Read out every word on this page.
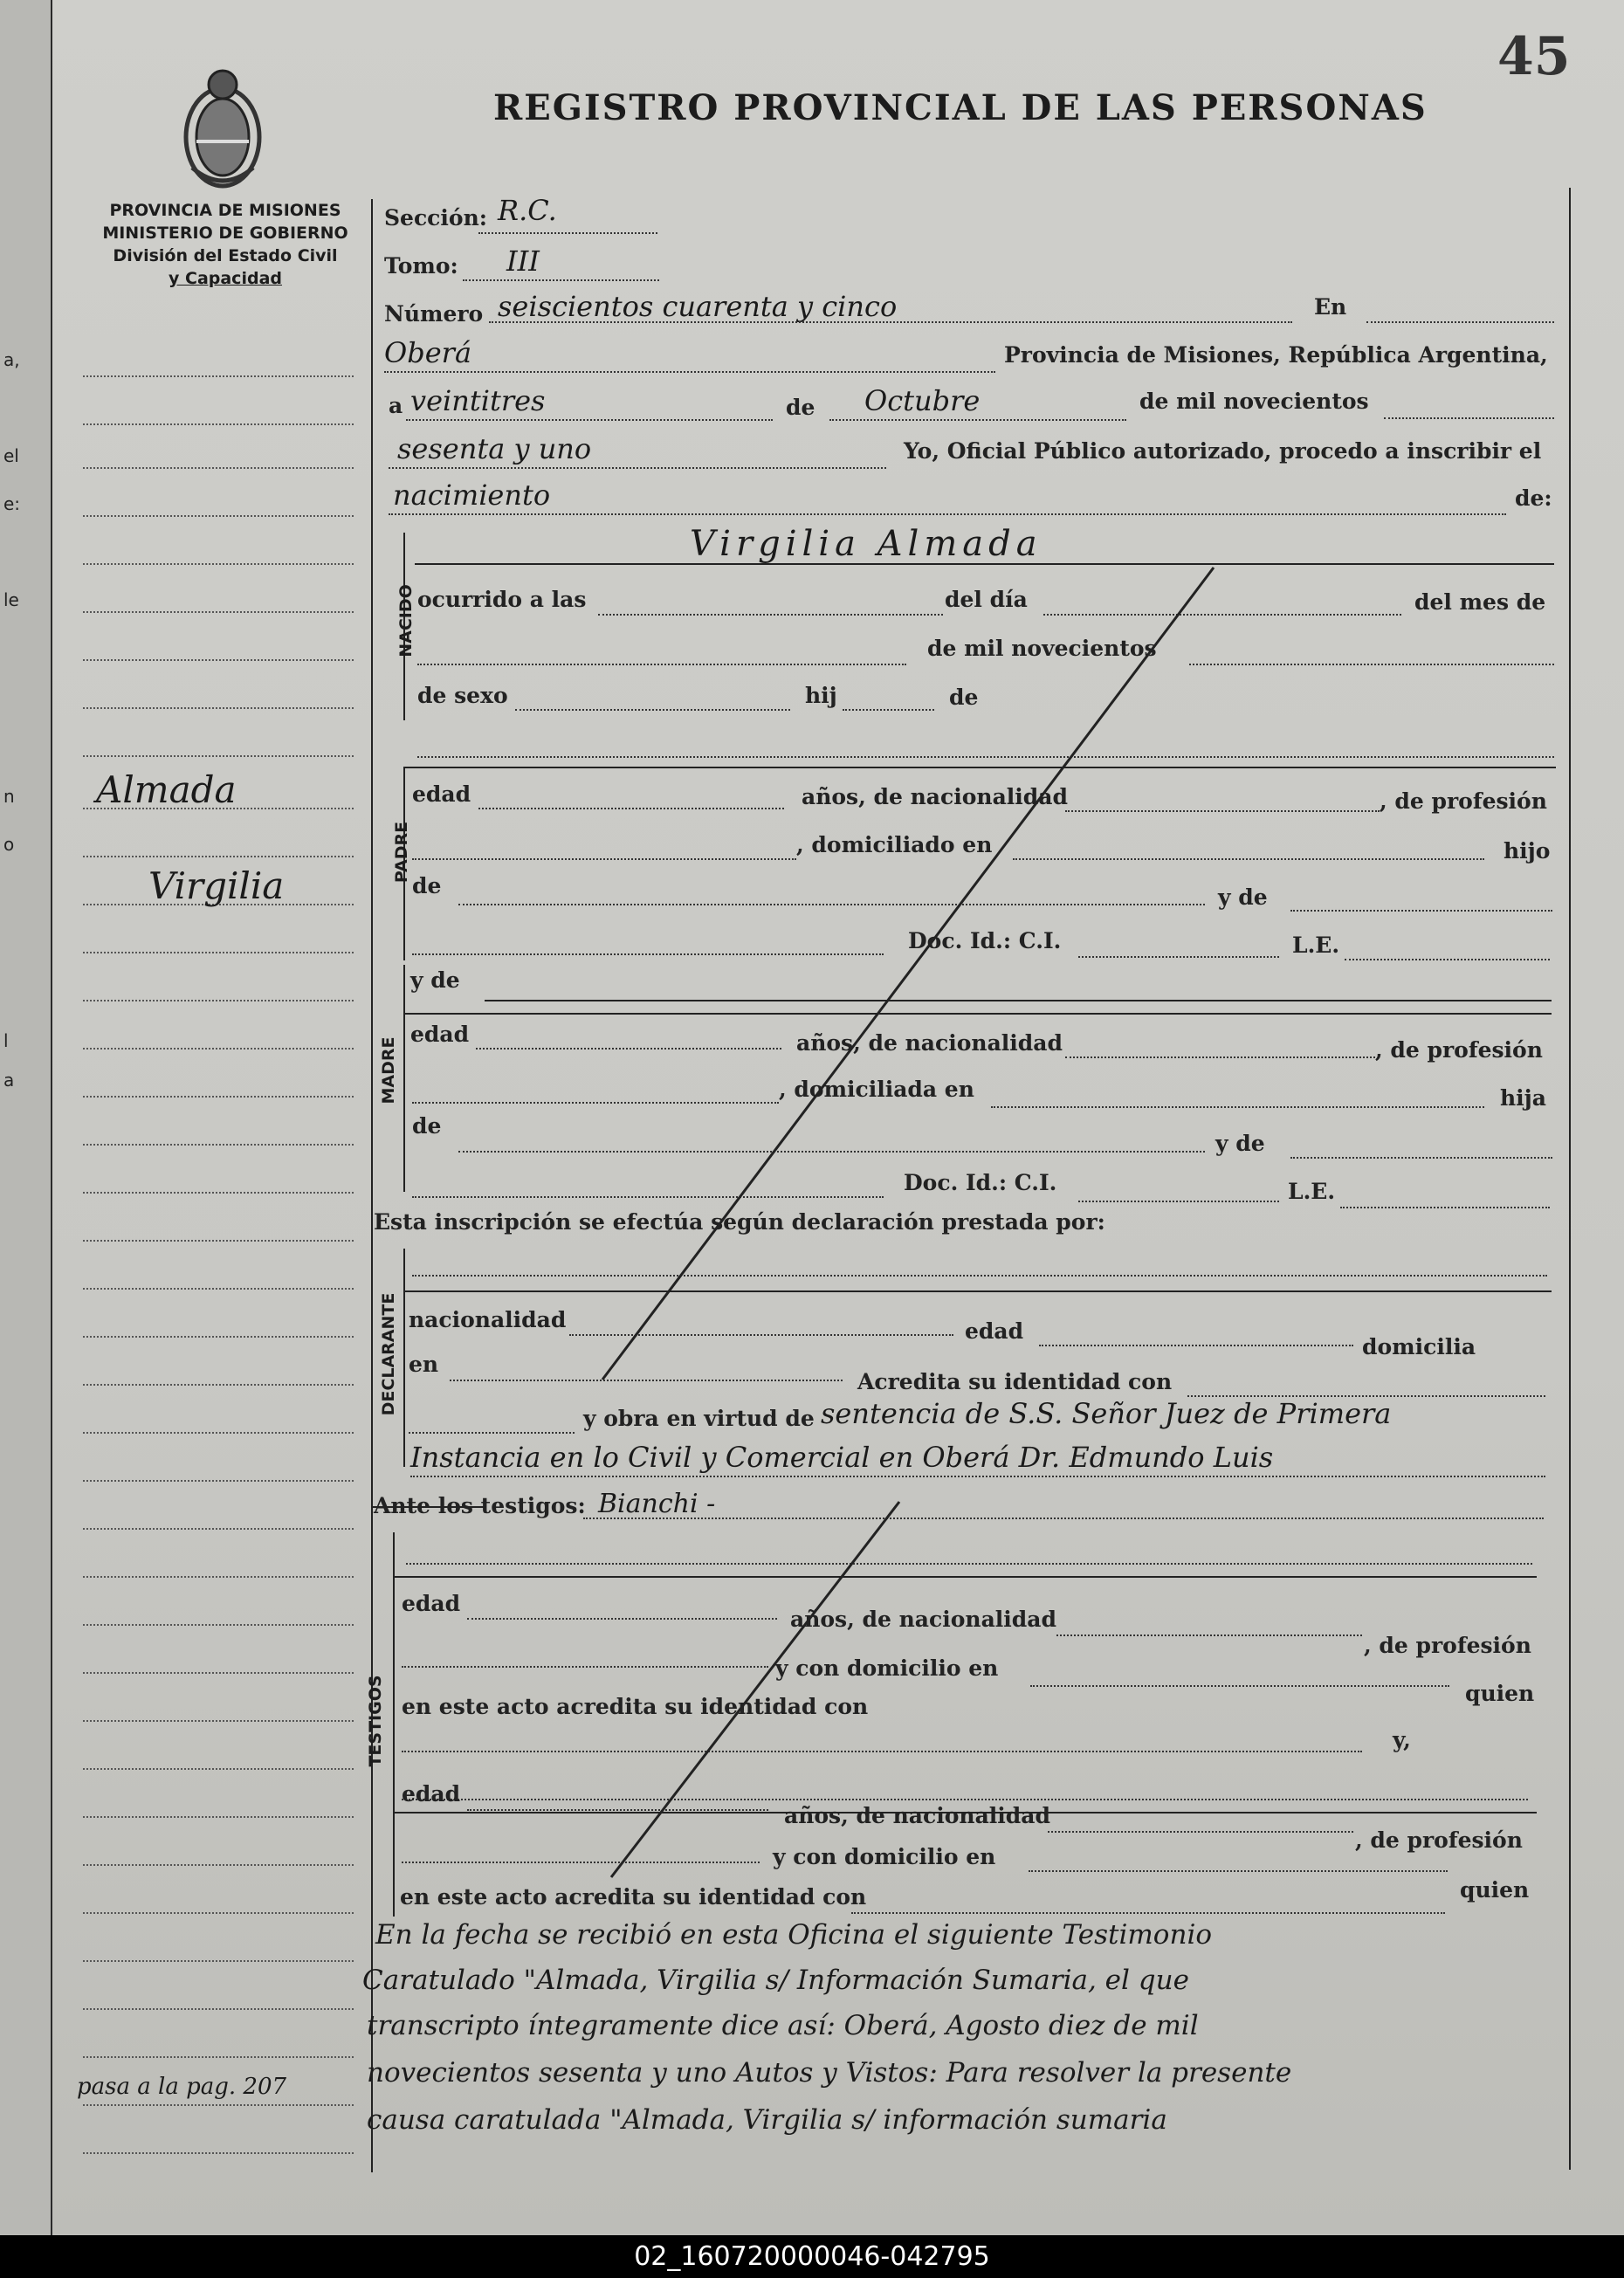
a,
el
e:
le
n
o
l
a
45
REGISTRO PROVINCIAL DE LAS PERSONAS
PROVINCIA DE MISIONES
MINISTERIO DE GOBIERNO
División del Estado Civil
y Capacidad
Almada
Virgilia
pasa a la pag. 207
Sección: R.C.
Tomo: III
Número seiscientos cuarenta y cinco	En
Oberá	Provincia de Misiones, República Argentina,
a veintitres	de Octubre	de mil novecientos
sesenta y uno	Yo, Oficial Público autorizado, procedo a inscribir el
nacimiento	de:
NACIDO
Virgilia Almada
ocurrido a las	del día	del mes de
de mil novecientos
de sexo	hij	de
PADRE
edad	años, de nacionalidad	, de profesión
, domiciliado en	hijo
de	y de
Doc. Id.: C.I.	L.E.
y de
MADRE
edad	años, de nacionalidad	, de profesión
, domiciliada en	hija
de
y de
Doc. Id.: C.I.	L.E.
Esta inscripción se efectúa según declaración prestada por:
DECLARANTE nacionalidad	edad
domicilia
en
Acredita su identidad con
y obra en virtud de sentencia de S.S. Señor Juez de Primera
Instancia en lo Civil y Comercial en Oberá Dr. Edmundo Luis
Ante los testigos: Bianchi -
TESTIGOS
edad
años, de nacionalidad
, de profesión
y con domicilio en
quien
en este acto acredita su identidad con
y,
edad
años, de nacionalidad
, de profesión
y con domicilio en
quien
en este acto acredita su identidad con
En la fecha se recibió en esta Oficina el siguiente Testimonio
Caratulado "Almada, Virgilia s/ Información Sumaria, el que
transcripto íntegramente dice así: Oberá, Agosto diez de mil
novecientos sesenta y uno Autos y Vistos: Para resolver la presente
causa caratulada "Almada, Virgilia s/ información sumaria
02_160720000046-042795
